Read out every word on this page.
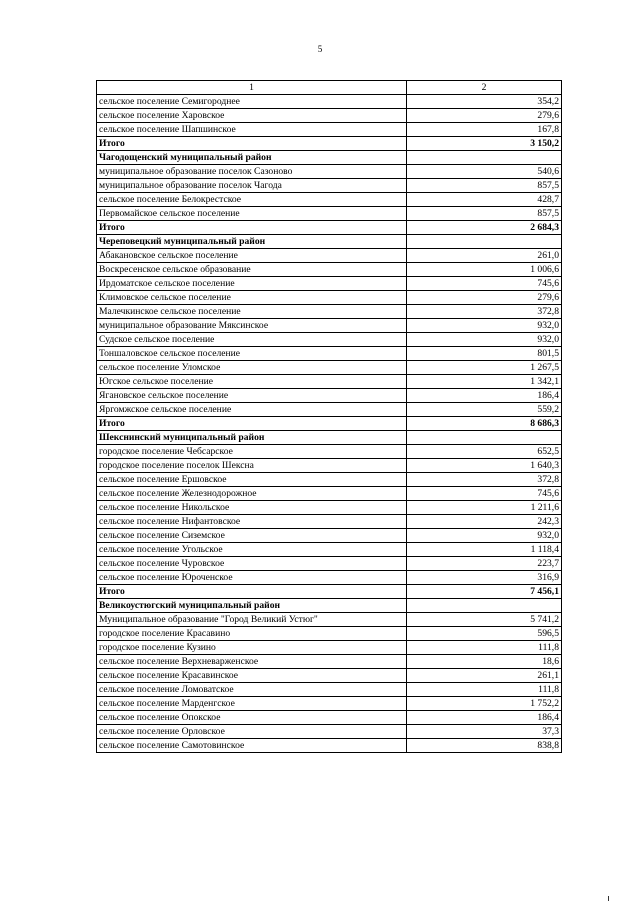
5
1	2
сельское поселение Семигороднее	354,2
сельское поселение Харовское	279,6
сельское поселение Шапшинское	167,8
Итого	3 150,2
Чагодощенский муниципальный район	
муниципальное образование поселок Сазоново	540,6
муниципальное образование поселок Чагода	857,5
сельское поселение Белокрестское	428,7
Первомайское сельское поселение	857,5
Итого	2 684,3
Череповецкий муниципальный район	
Абакановское сельское поселение	261,0
Воскресенское сельское образование	1 006,6
Ирдоматское сельское поселение	745,6
Климовское сельское поселение	279,6
Малечкинское сельское поселение	372,8
муниципальное образование Мяксинское	932,0
Судское сельское поселение	932,0
Тоншаловское сельское поселение	801,5
сельское поселение Уломское	1 267,5
Югское сельское поселение	1 342,1
Ягановское сельское поселение	186,4
Яргомжское сельское поселение	559,2
Итого	8 686,3
Шекснинский муниципальный район	
городское поселение Чебсарское	652,5
городское поселение поселок Шексна	1 640,3
сельское поселение Ершовское	372,8
сельское поселение Железнодорожное	745,6
сельское поселение Никольское	1 211,6
сельское поселение Нифантовское	242,3
сельское поселение Сиземское	932,0
сельское поселение Угольское	1 118,4
сельское поселение Чуровское	223,7
сельское поселение Юроченское	316,9
Итого	7 456,1
Великоустюгский муниципальный район	
Муниципальное образование "Город Великий Устюг"	5 741,2
городское поселение Красавино	596,5
городское поселение Кузино	111,8
сельское поселение Верхневарженское	18,6
сельское поселение Красавинское	261,1
сельское поселение Ломоватское	111,8
сельское поселение Марденгское	1 752,2
сельское поселение Опокское	186,4
сельское поселение Орловское	37,3
сельское поселение Самотовинское	838,8
